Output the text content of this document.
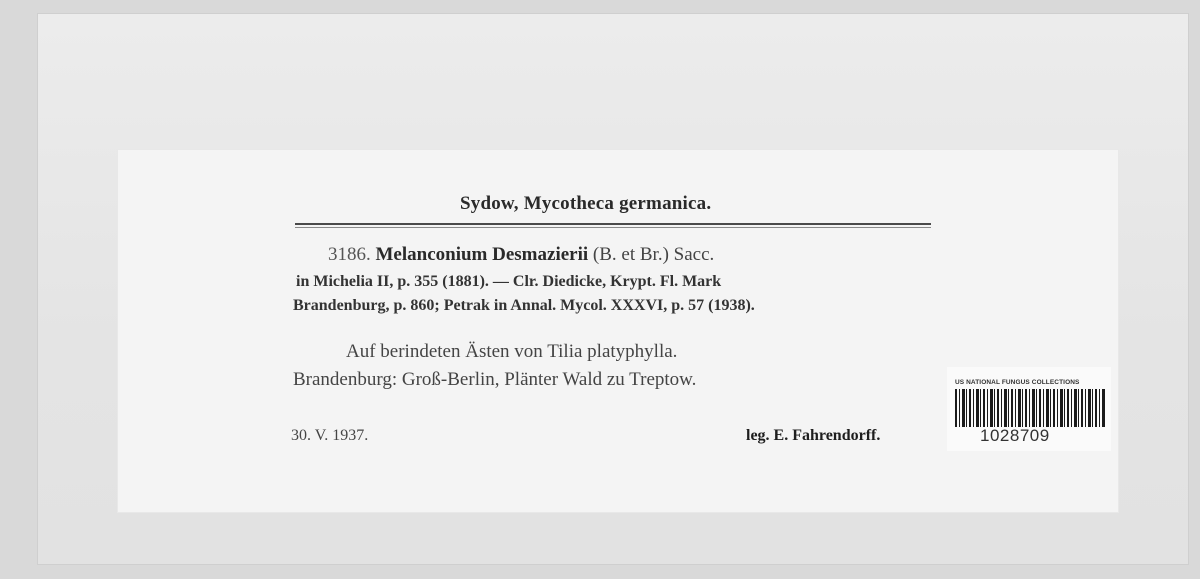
Sydow, Mycotheca germanica.
3186. Melanconium Desmazierii (B. et Br.) Sacc.
in Michelia II, p. 355 (1881). — Clr. Diedicke, Krypt. Fl. Mark
Brandenburg, p. 860; Petrak in Annal. Mycol. XXXVI, p. 57 (1938).
Auf berindeten Ästen von Tilia platyphylla.
Brandenburg: Groß-Berlin, Plänter Wald zu Treptow.
30. V. 1937.	leg. E. Fahrendorff.
US NATIONAL FUNGUS COLLECTIONS
1028709
